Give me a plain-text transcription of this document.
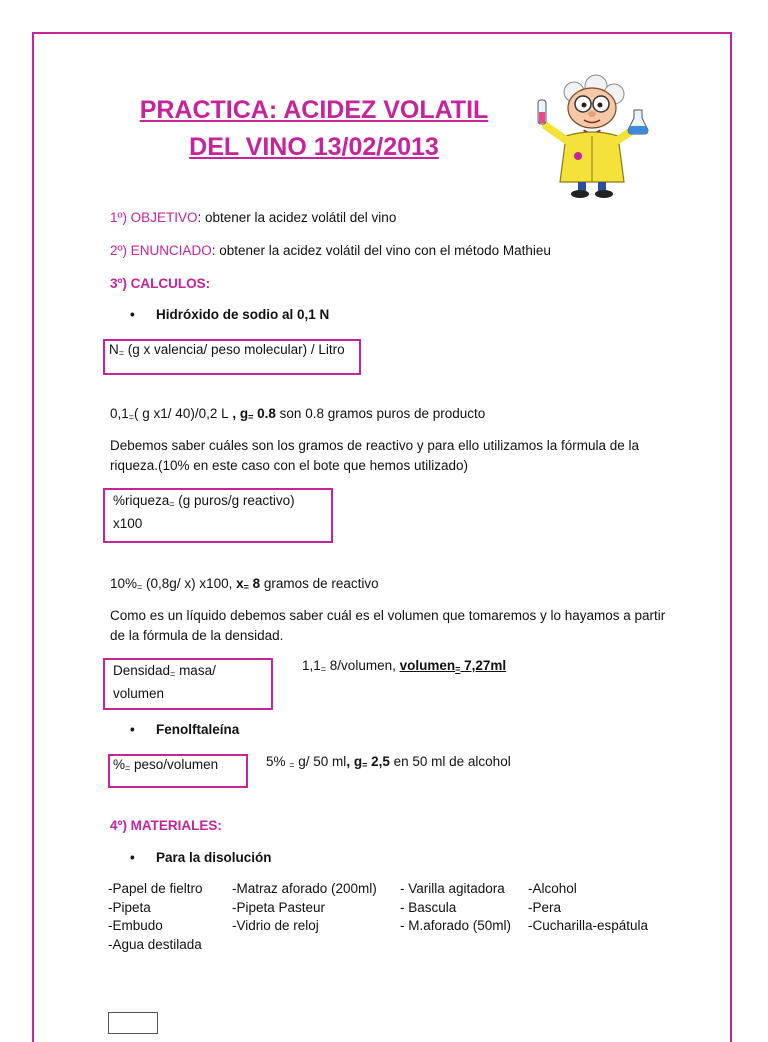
PRACTICA: ACIDEZ VOLATIL
DEL VINO 13/02/2013
1º) OBJETIVO: obtener la acidez volátil del vino
2º) ENUNCIADO: obtener la acidez volátil del vino con el método Mathieu
3º) CALCULOS:
• Hidróxido de sodio al 0,1 N
$N_=$ (g x valencia/ peso molecular) / Litro
$0,1_=$( g x1/ 40)/0,2 L , $g_=$ 0.8 son 0.8 gramos puros de producto
Debemos saber cuáles son los gramos de reactivo y para ello utilizamos la fórmula de la riqueza.(10% en este caso con el bote que hemos utilizado)
%riqueza$_=$ (g puros/g reactivo)
x100
$10\%_=$ (0,8g/ x) x100, $x_=$ 8 gramos de reactivo
Como es un líquido debemos saber cuál es el volumen que tomaremos y lo hayamos a partir de la fórmula de la densidad.
Densidad$_=$ masa/
volumen
$1,1_=$ 8/volumen, volumen$_=$ 7,27ml
• Fenolftaleína
$\%_=$ peso/volumen	5% $_=$ g/ 50 ml, $g_=$ 2,5 en 50 ml de alcohol
4º) MATERIALES:
• Para la disolución
-Papel de fieltro	-Matraz aforado (200ml)	- Varilla agitadora	-Alcohol
-Pipeta	-Pipeta Pasteur	- Bascula	-Pera
-Embudo	-Vidrio de reloj	- M.aforado (50ml)	-Cucharilla-espátula
-Agua destilada			
